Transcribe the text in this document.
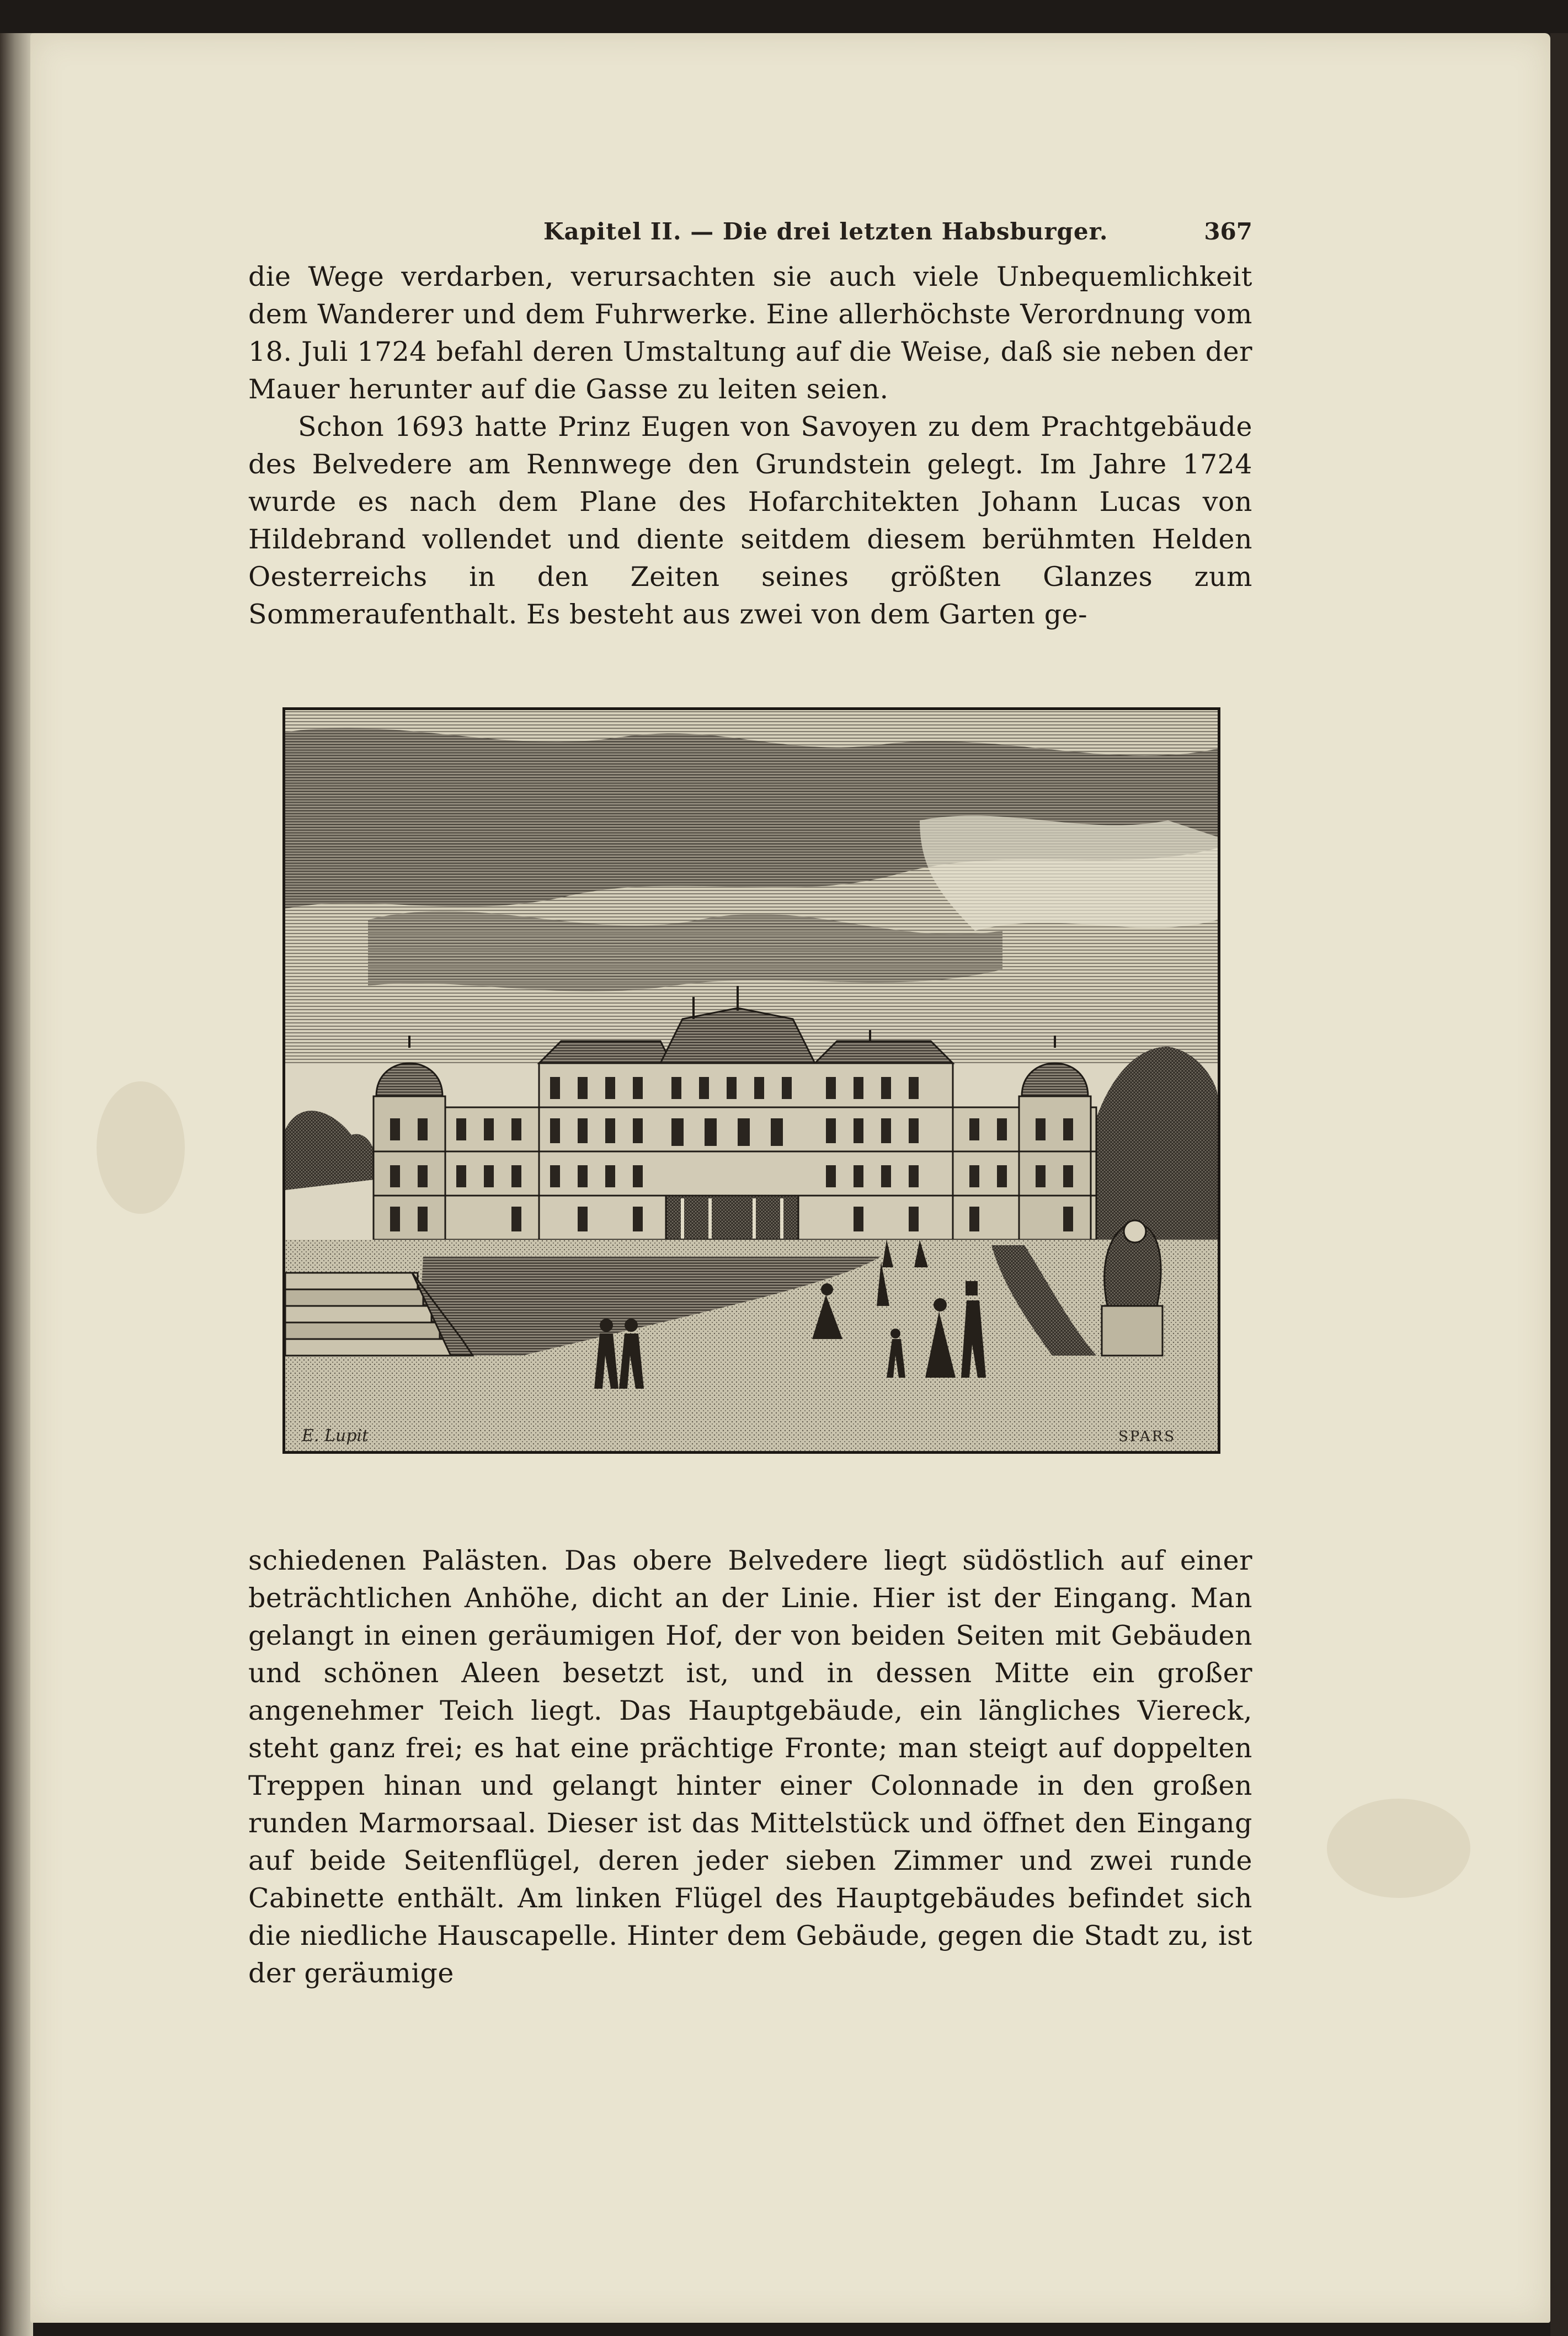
Kapitel II. — Die drei letzten Habsburger.	367

die Wege verdarben, verursachten sie auch viele Unbequemlichkeit dem Wanderer und dem Fuhrwerke. Eine allerhöchste Verordnung vom 18. Juli 1724 befahl deren Umstaltung auf die Weise, daß sie neben der Mauer herunter auf die Gasse zu leiten seien.

Schon 1693 hatte Prinz Eugen von Savoyen zu dem Prachtgebäude des Belvedere am Rennwege den Grundstein gelegt. Im Jahre 1724 wurde es nach dem Plane des Hofarchitekten Johann Lucas von Hildebrand vollendet und diente seitdem diesem berühmten Helden Oesterreichs in den Zeiten seines größten Glanzes zum Sommeraufenthalt. Es besteht aus zwei von dem Garten ge-

E. Lupit	SPARS

schiedenen Palästen. Das obere Belvedere liegt südöstlich auf einer beträchtlichen Anhöhe, dicht an der Linie. Hier ist der Eingang. Man gelangt in einen geräumigen Hof, der von beiden Seiten mit Gebäuden und schönen Aleen besetzt ist, und in dessen Mitte ein großer angenehmer Teich liegt. Das Hauptgebäude, ein längliches Viereck, steht ganz frei; es hat eine prächtige Fronte; man steigt auf doppelten Treppen hinan und gelangt hinter einer Colonnade in den großen runden Marmorsaal. Dieser ist das Mittelstück und öffnet den Eingang auf beide Seitenflügel, deren jeder sieben Zimmer und zwei runde Cabinette enthält. Am linken Flügel des Hauptgebäudes befindet sich die niedliche Hauscapelle. Hinter dem Gebäude, gegen die Stadt zu, ist der geräumige
